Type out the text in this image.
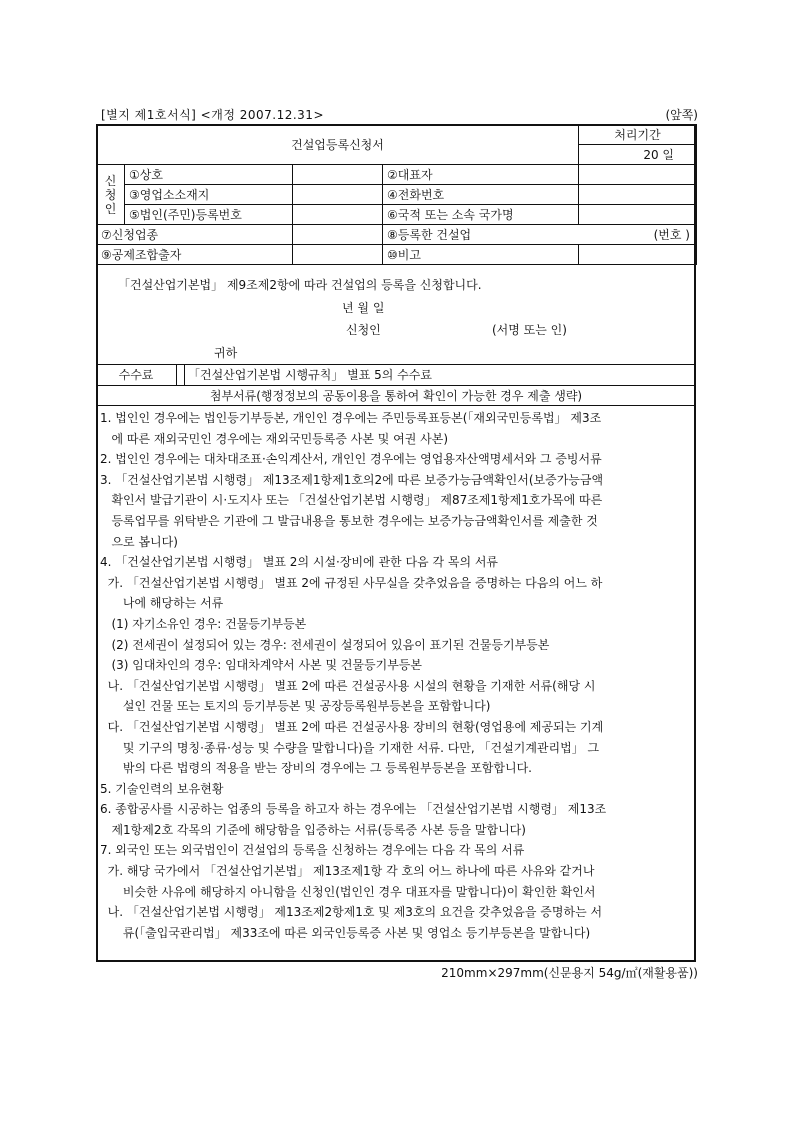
[별지 제1호서식] <개정 2007.12.31>	(앞쪽)
건설업등록신청서				처리기간
				20 일
신청인	①상호		②대표자	
	③영업소소재지		④전화번호	
	⑤법인(주민)등록번호		⑥국적 또는 소속 국가명	
⑦신청업종			⑧등록한 건설업 (번호 )	

⑨공제조합출자			⑩비고	
「건설산업기본법」 제9조제2항에 따라 건설업의 등록을 신청합니다.
년 월 일
신청인	(서명 또는 인)
귀하
수수료	「건설산업기본법 시행규칙」 별표 5의 수수료
첨부서류(행정정보의 공동이용을 통하여 확인이 가능한 경우 제출 생략)
1. 법인인 경우에는 법인등기부등본, 개인인 경우에는 주민등록표등본(「재외국민등록법」 제3조
에 따른 재외국민인 경우에는 재외국민등록증 사본 및 여권 사본)
2. 법인인 경우에는 대차대조표·손익계산서, 개인인 경우에는 영업용자산액명세서와 그 증빙서류
3. 「건설산업기본법 시행령」 제13조제1항제1호의2에 따른 보증가능금액확인서(보증가능금액
확인서 발급기관이 시·도지사 또는 「건설산업기본법 시행령」 제87조제1항제1호가목에 따른
등록업무를 위탁받은 기관에 그 발급내용을 통보한 경우에는 보증가능금액확인서를 제출한 것
으로 봅니다)
4. 「건설산업기본법 시행령」 별표 2의 시설·장비에 관한 다음 각 목의 서류
가. 「건설산업기본법 시행령」 별표 2에 규정된 사무실을 갖추었음을 증명하는 다음의 어느 하
나에 해당하는 서류
(1) 자기소유인 경우: 건물등기부등본
(2) 전세권이 설정되어 있는 경우: 전세권이 설정되어 있음이 표기된 건물등기부등본
(3) 임대차인의 경우: 임대차계약서 사본 및 건물등기부등본
나. 「건설산업기본법 시행령」 별표 2에 따른 건설공사용 시설의 현황을 기재한 서류(해당 시
설인 건물 또는 토지의 등기부등본 및 공장등록원부등본을 포함합니다)
다. 「건설산업기본법 시행령」 별표 2에 따른 건설공사용 장비의 현황(영업용에 제공되는 기계
및 기구의 명칭·종류·성능 및 수량을 말합니다)을 기재한 서류. 다만, 「건설기계관리법」 그
밖의 다른 법령의 적용을 받는 장비의 경우에는 그 등록원부등본을 포함합니다.
5. 기술인력의 보유현황
6. 종합공사를 시공하는 업종의 등록을 하고자 하는 경우에는 「건설산업기본법 시행령」 제13조
제1항제2호 각목의 기준에 해당함을 입증하는 서류(등록증 사본 등을 말합니다)
7. 외국인 또는 외국법인이 건설업의 등록을 신청하는 경우에는 다음 각 목의 서류
가. 해당 국가에서 「건설산업기본법」 제13조제1항 각 호의 어느 하나에 따른 사유와 같거나
비슷한 사유에 해당하지 아니함을 신청인(법인인 경우 대표자를 말합니다)이 확인한 확인서
나. 「건설산업기본법 시행령」 제13조제2항제1호 및 제3호의 요건을 갖추었음을 증명하는 서
류(「출입국관리법」 제33조에 따른 외국인등록증 사본 및 영업소 등기부등본을 말합니다)
210mm×297mm(신문용지 54g/㎡(재활용품))
